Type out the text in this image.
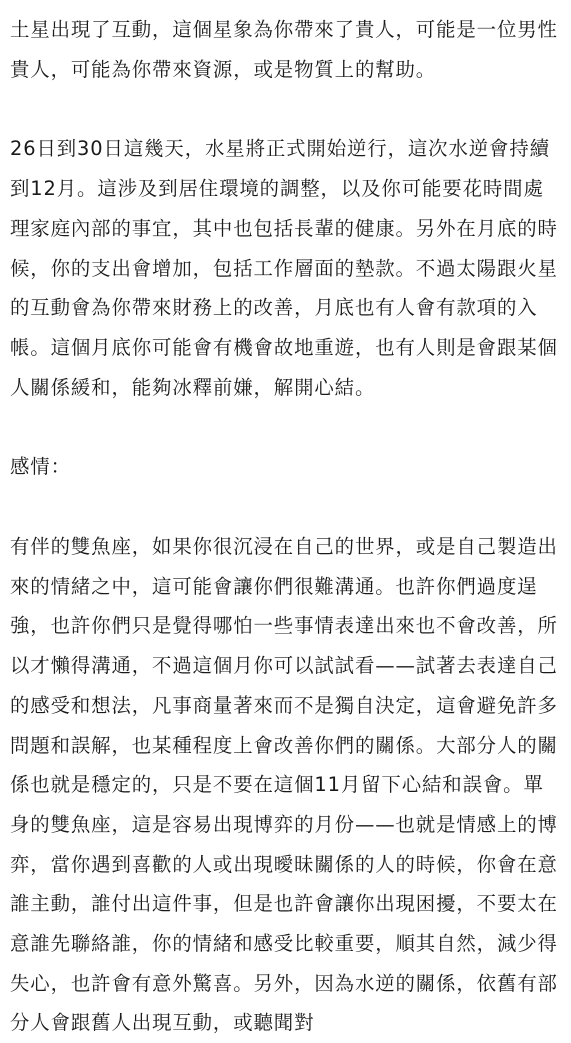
土星出現了互動，這個星象為你帶來了貴人，可能是一位男性貴人，可能為你帶來資源，或是物質上的幫助。

26日到30日這幾天，水星將正式開始逆行，這次水逆會持續到12月。這涉及到居住環境的調整，以及你可能要花時間處理家庭內部的事宜，其中也包括長輩的健康。另外在月底的時候，你的支出會增加，包括工作層面的墊款。不過太陽跟火星的互動會為你帶來財務上的改善，月底也有人會有款項的入帳。這個月底你可能會有機會故地重遊，也有人則是會跟某個人關係緩和，能夠冰釋前嫌，解開心結。

感情：

有伴的雙魚座，如果你很沉浸在自己的世界，或是自己製造出來的情緒之中，這可能會讓你們很難溝通。也許你們過度逞強，也許你們只是覺得哪怕一些事情表達出來也不會改善，所以才懶得溝通，不過這個月你可以試試看——試著去表達自己的感受和想法，凡事商量著來而不是獨自決定，這會避免許多問題和誤解，也某種程度上會改善你們的關係。大部分人的關係也就是穩定的，只是不要在這個11月留下心結和誤會。單身的雙魚座，這是容易出現博弈的月份——也就是情感上的博弈，當你遇到喜歡的人或出現曖昧關係的人的時候，你會在意誰主動，誰付出這件事，但是也許會讓你出現困擾，不要太在意誰先聯絡誰，你的情緒和感受比較重要，順其自然，減少得失心，也許會有意外驚喜。另外，因為水逆的關係，依舊有部分人會跟舊人出現互動，或聽聞對
